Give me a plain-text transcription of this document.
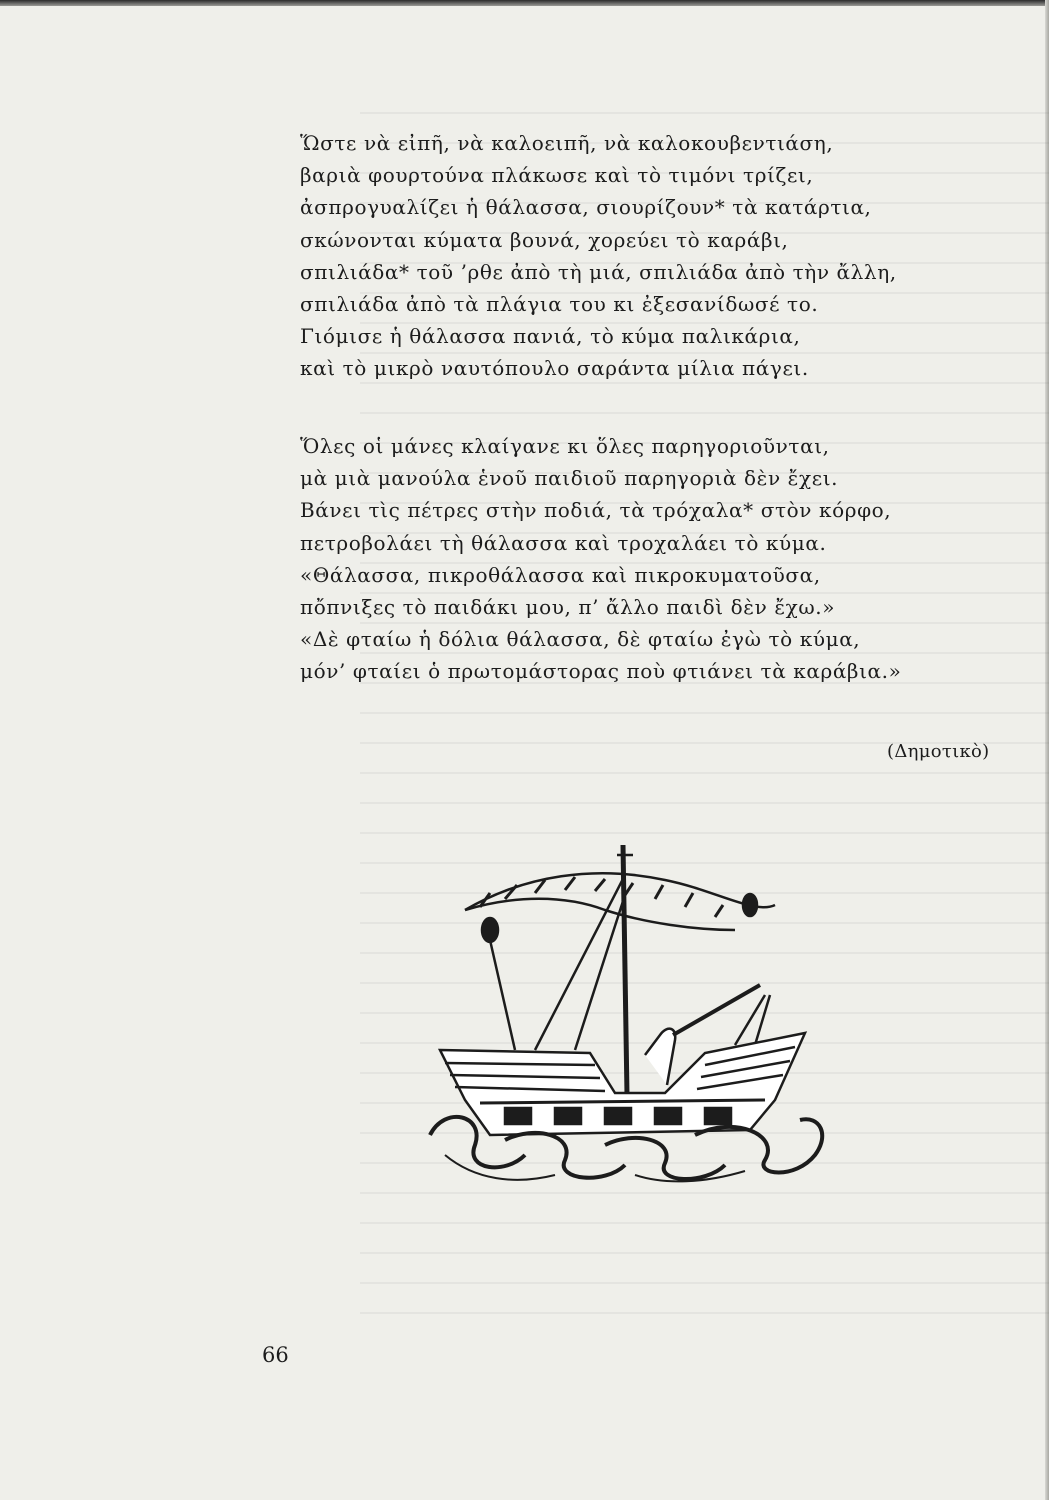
Ὥστε νὰ εἰπῆ, νὰ καλοειπῆ, νὰ καλοκουβεντιάση,
βαριὰ φουρτούνα πλάκωσε καὶ τὸ τιμόνι τρίζει,
ἀσπρογυαλίζει ἡ θάλασσα, σιουρίζουν* τὰ κατάρτια,
σκώνονται κύματα βουνά, χορεύει τὸ καράβι,
σπιλιάδα* τοῦ ’ρθε ἀπὸ τὴ μιά, σπιλιάδα ἀπὸ τὴν ἄλλη,
σπιλιάδα ἀπὸ τὰ πλάγια του κι ἐξεσανίδωσέ το.
Γιόμισε ἡ θάλασσα πανιά, τὸ κύμα παλικάρια,
καὶ τὸ μικρὸ ναυτόπουλο σαράντα μίλια πάγει.
Ὅλες οἱ μάνες κλαίγανε κι ὅλες παρηγοριοῦνται,
μὰ μιὰ μανούλα ἑνοῦ παιδιοῦ παρηγοριὰ δὲν ἔχει.
Βάνει τὶς πέτρες στὴν ποδιά, τὰ τρόχαλα* στὸν κόρφο,
πετροβολάει τὴ θάλασσα καὶ τροχαλάει τὸ κύμα.
«Θάλασσα, πικροθάλασσα καὶ πικροκυματοῦσα,
πὄπνιξες τὸ παιδάκι μου, π’ ἄλλο παιδὶ δὲν ἔχω.»
«Δὲ φταίω ἡ δόλια θάλασσα, δὲ φταίω ἐγὼ τὸ κύμα,
μόν’ φταίει ὁ πρωτομάστορας ποὺ φτιάνει τὰ καράβια.»
(Δημοτικὸ)
66
